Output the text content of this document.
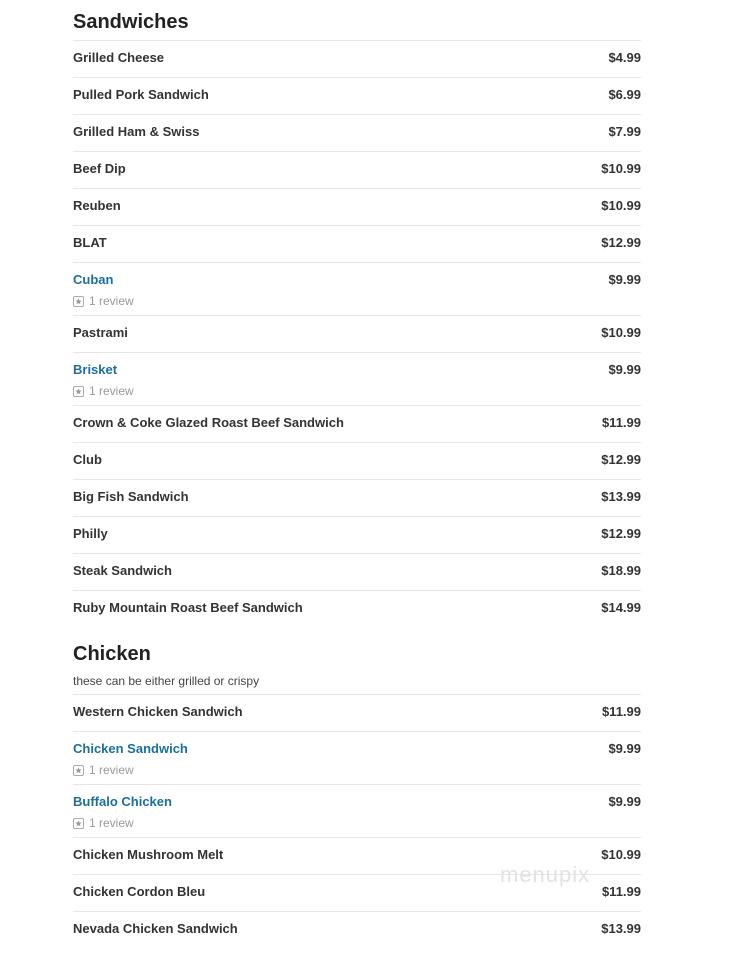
Sandwiches
Grilled Cheese	$4.99
Pulled Pork Sandwich	$6.99
Grilled Ham & Swiss	$7.99
Beef Dip	$10.99
Reuben	$10.99
BLAT	$12.99
Cuban	$9.99
1 review
Pastrami	$10.99
Brisket	$9.99
1 review
Crown & Coke Glazed Roast Beef Sandwich	$11.99
Club	$12.99
Big Fish Sandwich	$13.99
Philly	$12.99
Steak Sandwich	$18.99
Ruby Mountain Roast Beef Sandwich	$14.99
Chicken
these can be either grilled or crispy
Western Chicken Sandwich	$11.99
Chicken Sandwich	$9.99
1 review
Buffalo Chicken	$9.99
1 review
Chicken Mushroom Melt	$10.99
Chicken Cordon Bleu	$11.99
Nevada Chicken Sandwich	$13.99
menupix
